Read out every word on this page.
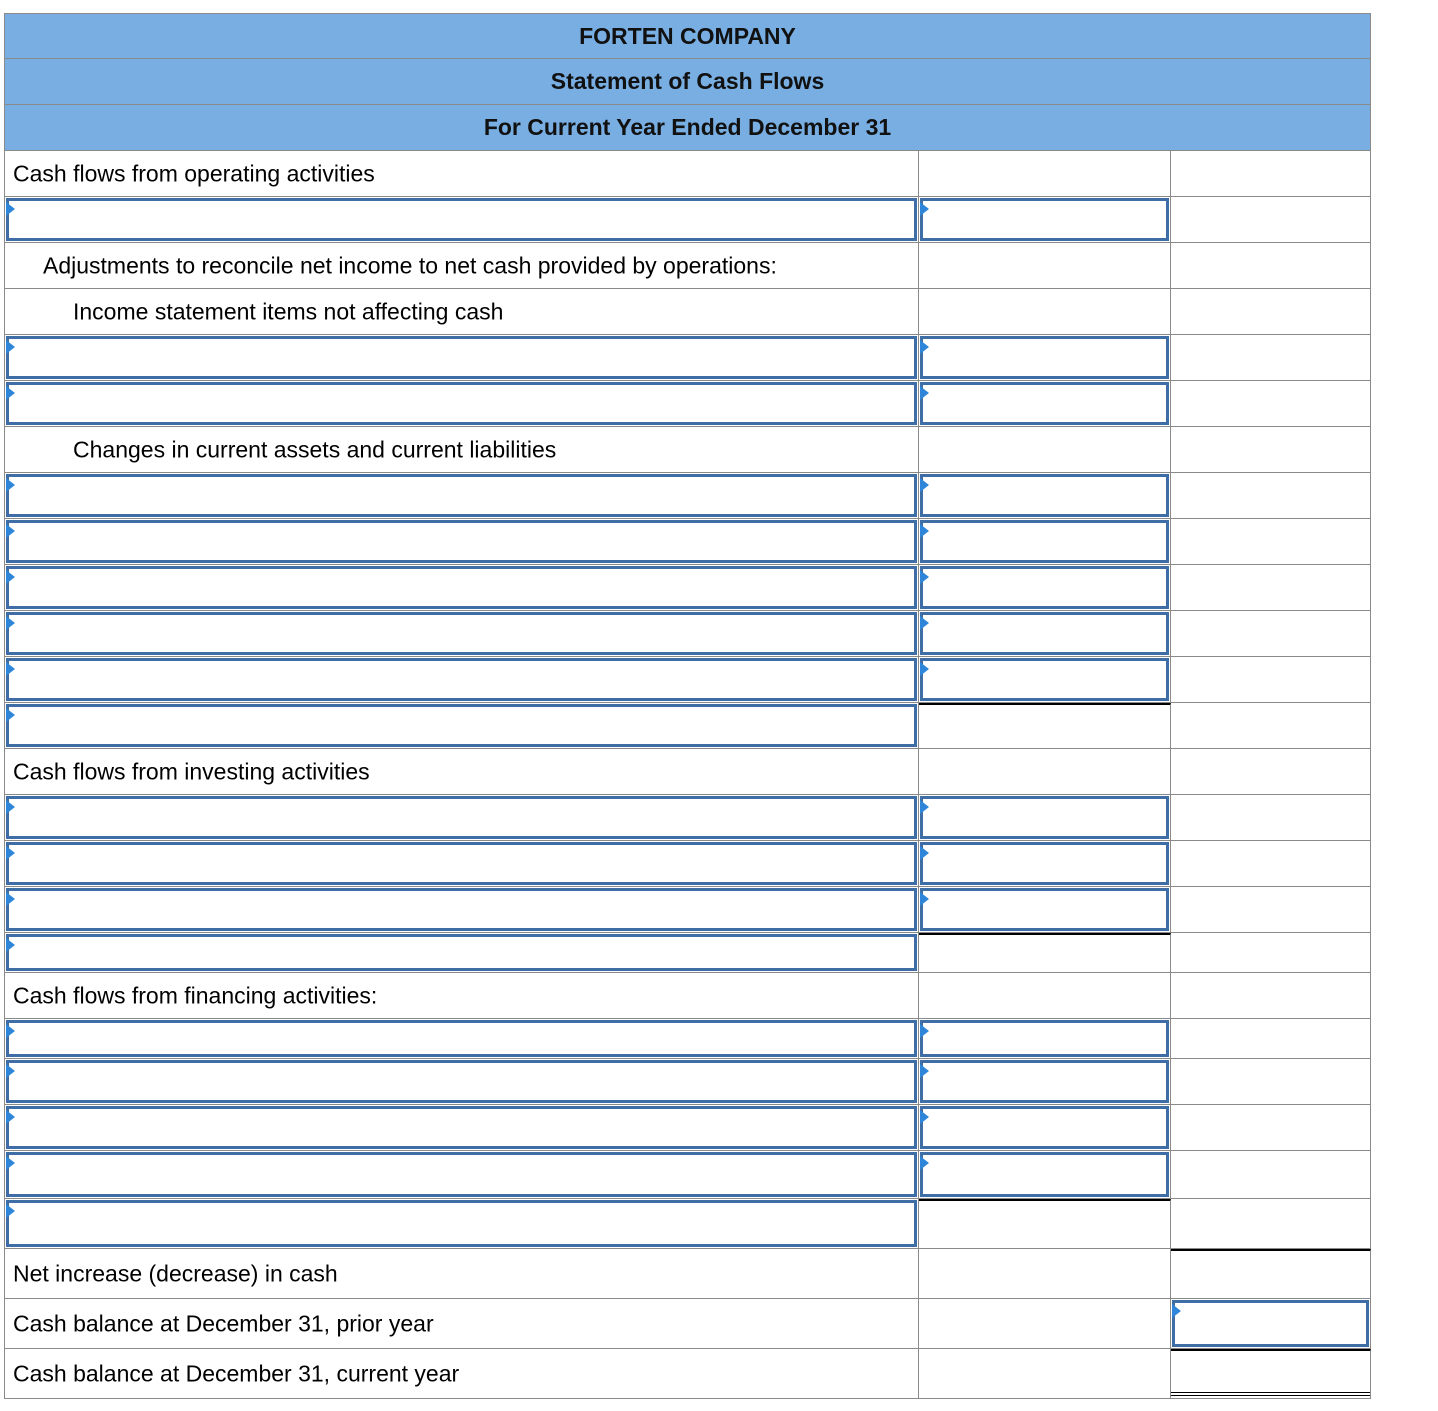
FORTEN COMPANY
Statement of Cash Flows
For Current Year Ended December 31
Cash flows from operating activities
Adjustments to reconcile net income to net cash provided by operations:
Income statement items not affecting cash
Changes in current assets and current liabilities
Cash flows from investing activities
Cash flows from financing activities:
Net increase (decrease) in cash
Cash balance at December 31, prior year
Cash balance at December 31, current year
